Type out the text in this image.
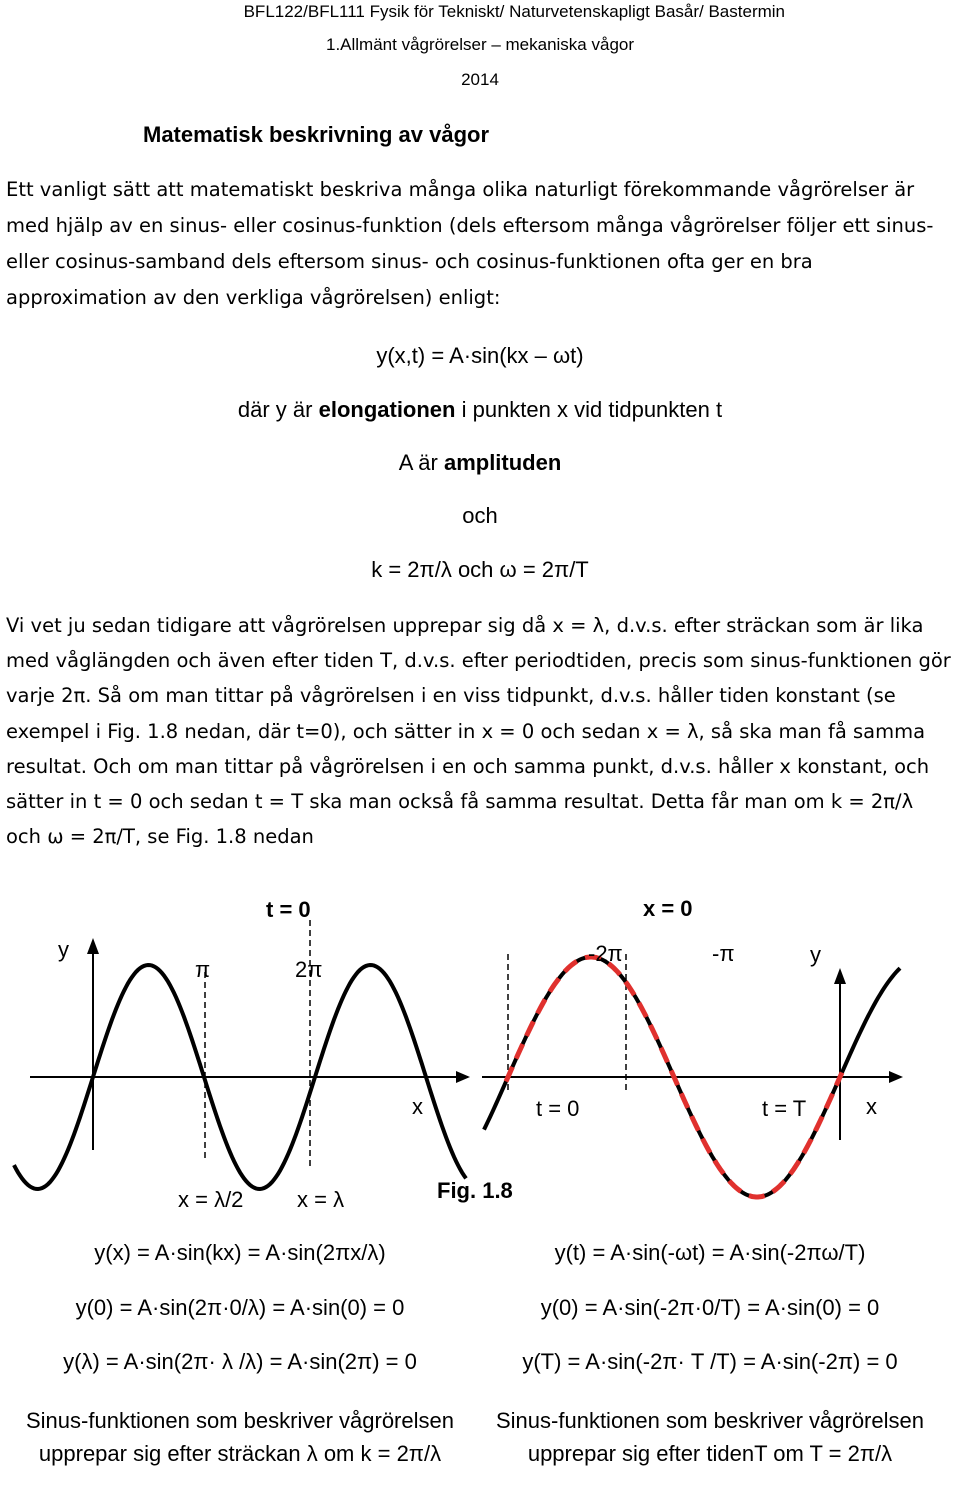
BFL122/BFL111 Fysik för Tekniskt/ Naturvetenskapligt Basår/ Bastermin
1.Allmänt vågrörelser – mekaniska vågor
2014
Matematisk beskrivning av vågor
Ett vanligt sätt att matematiskt beskriva många olika naturligt förekommande vågrörelser är med hjälp av en sinus- eller cosinus-funktion (dels eftersom många vågrörelser följer ett sinus- eller cosinus-samband dels eftersom sinus- och cosinus-funktionen ofta ger en bra approximation av den verkliga vågrörelsen) enligt:
y(x,t) = A·sin(kx – ωt)
där y är elongationen i punkten x vid tidpunkten t
A är amplituden
och
k = 2π/λ och ω = 2π/T
Vi vet ju sedan tidigare att vågrörelsen upprepar sig då x = λ, d.v.s. efter sträckan som är lika med våglängden och även efter tiden T, d.v.s. efter periodtiden, precis som sinus-funktionen gör varje 2π. Så om man tittar på vågrörelsen i en viss tidpunkt, d.v.s. håller tiden konstant (se exempel i Fig. 1.8 nedan, där t=0), och sätter in x = 0 och sedan x = λ, så ska man få samma resultat. Och om man tittar på vågrörelsen i en och samma punkt, d.v.s. håller x konstant, och sätter in t = 0 och sedan t = T ska man också få samma resultat. Detta får man om k = 2π/λ och ω = 2π/T, se Fig. 1.8 nedan
t = 0
y
π	2π
x
x = λ/2 x = λ
x = 0
-2π	-π	y
t = 0	t = T	x
Fig. 1.8
y(x) = A·sin(kx) = A·sin(2πx/λ)
y(0) = A·sin(2π·0/λ) = A·sin(0) = 0
y(λ) = A·sin(2π· λ /λ) = A·sin(2π) = 0
Sinus-funktionen som beskriver vågrörelsen upprepar sig efter sträckan λ om k = 2π/λ
y(t) = A·sin(-ωt) = A·sin(-2πω/T)
y(0) = A·sin(-2π·0/T) = A·sin(0) = 0
y(T) = A·sin(-2π· T /T) = A·sin(-2π) = 0
Sinus-funktionen som beskriver vågrörelsen upprepar sig efter tidenT om T = 2π/λ
